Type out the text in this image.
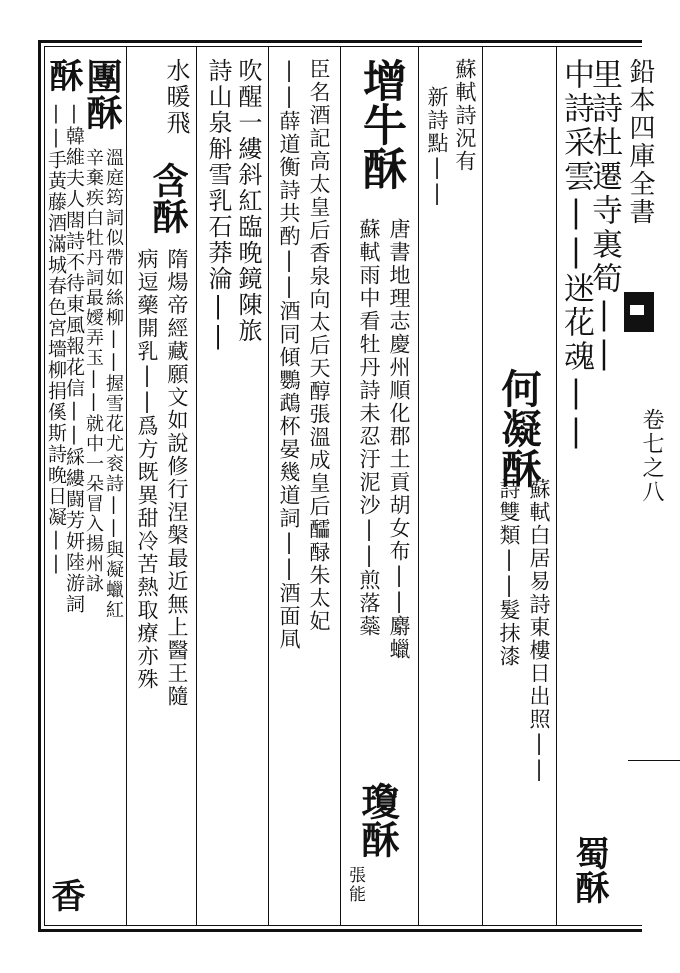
鉛本四庫全書
卷七之八
里詩杜遷寺裏筍||
中詩采雲||迷花魂||
蜀酥
何凝酥
蘇軾白居易詩東樓日出照||
詩雙類||髮抹漆
蘇軾詩況有
新詩點||
增牛酥
唐書地理志慶州順化郡土貢胡女布||麝蠟
蘇軾雨中看牡丹詩未忍汙泥沙||煎落蘂
瓊酥
張能
臣名酒記高太皇后香泉向太后天醇張溫成皇后醽醁朱太妃
||薛道衡詩共酌||酒同傾鸚鵡杯晏幾道詞||酒面凬
吹醒一縷斜紅臨晚鏡陳旅
詩山泉斛雪乳石莽淪||
水暖飛
含酥
隋煬帝經藏願文如說修行涅槃最近無上醫王隨
病逗藥開乳||爲方既異甜冷苦熱取療亦殊
團酥
溫庭筠詞似帶如絲柳||握雪花尤衮詩||與凝蠟紅
辛棄疾白牡丹詞最嬡弄玉||就中一朵冒入揚州詠
酥
|韓維夫人閤詩不待東風報花信||綵縷闘芳妍陸游詞
||手黃藤酒滿城春色宮墻柳捐傒斯詩晚日凝||
香
